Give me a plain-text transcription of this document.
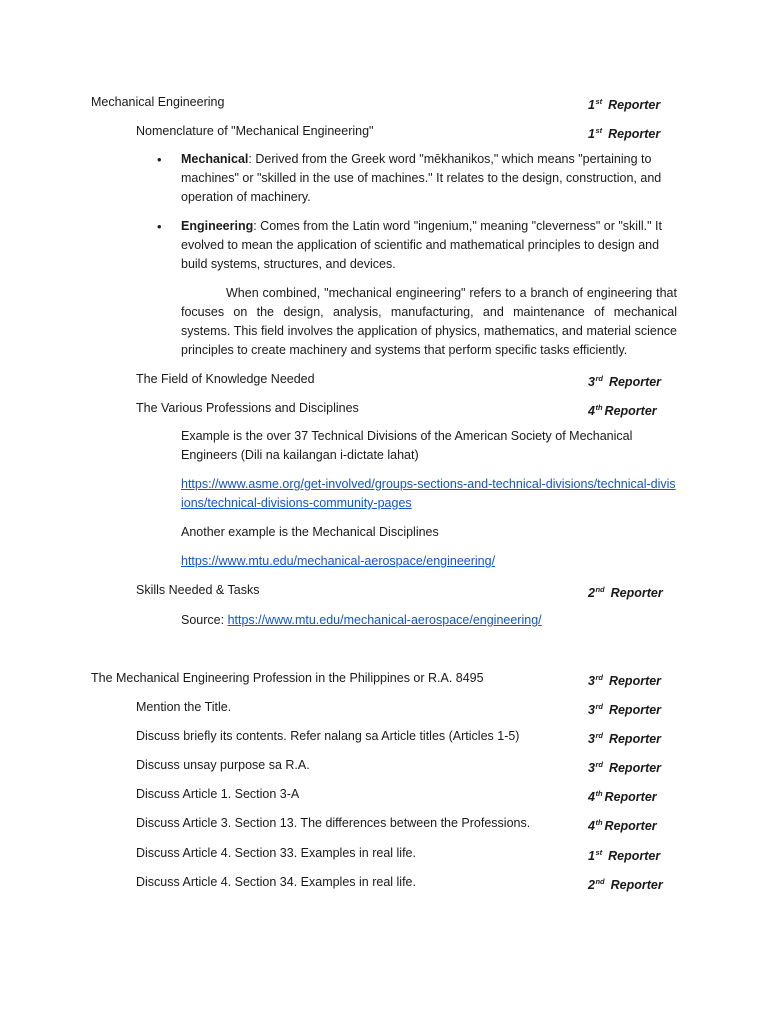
Mechanical Engineering	1st Reporter
Nomenclature of "Mechanical Engineering"	1st Reporter
• Mechanical: Derived from the Greek word "mēkhanikos," which means "pertaining to machines" or "skilled in the use of machines." It relates to the design, construction, and operation of machinery.
• Engineering: Comes from the Latin word "ingenium," meaning "cleverness" or "skill." It evolved to mean the application of scientific and mathematical principles to design and build systems, structures, and devices.
When combined, "mechanical engineering" refers to a branch of engineering that focuses on the design, analysis, manufacturing, and maintenance of mechanical systems. This field involves the application of physics, mathematics, and material science principles to create machinery and systems that perform specific tasks efficiently.
The Field of Knowledge Needed	3rd Reporter
The Various Professions and Disciplines	4th Reporter
Example is the over 37 Technical Divisions of the American Society of Mechanical Engineers (Dili na kailangan i-dictate lahat)
https://www.asme.org/get-involved/groups-sections-and-technical-divisions/technical-divisions/technical-divisions-community-pages
Another example is the Mechanical Disciplines
https://www.mtu.edu/mechanical-aerospace/engineering/
Skills Needed & Tasks	2nd Reporter
Source: https://www.mtu.edu/mechanical-aerospace/engineering/
The Mechanical Engineering Profession in the Philippines or R.A. 8495	3rd Reporter
Mention the Title.	3rd Reporter
Discuss briefly its contents. Refer nalang sa Article titles (Articles 1-5)	3rd Reporter
Discuss unsay purpose sa R.A.	3rd Reporter
Discuss Article 1. Section 3-A	4th Reporter
Discuss Article 3. Section 13. The differences between the Professions.	4th Reporter
Discuss Article 4. Section 33. Examples in real life.	1st Reporter
Discuss Article 4. Section 34. Examples in real life.	2nd Reporter
